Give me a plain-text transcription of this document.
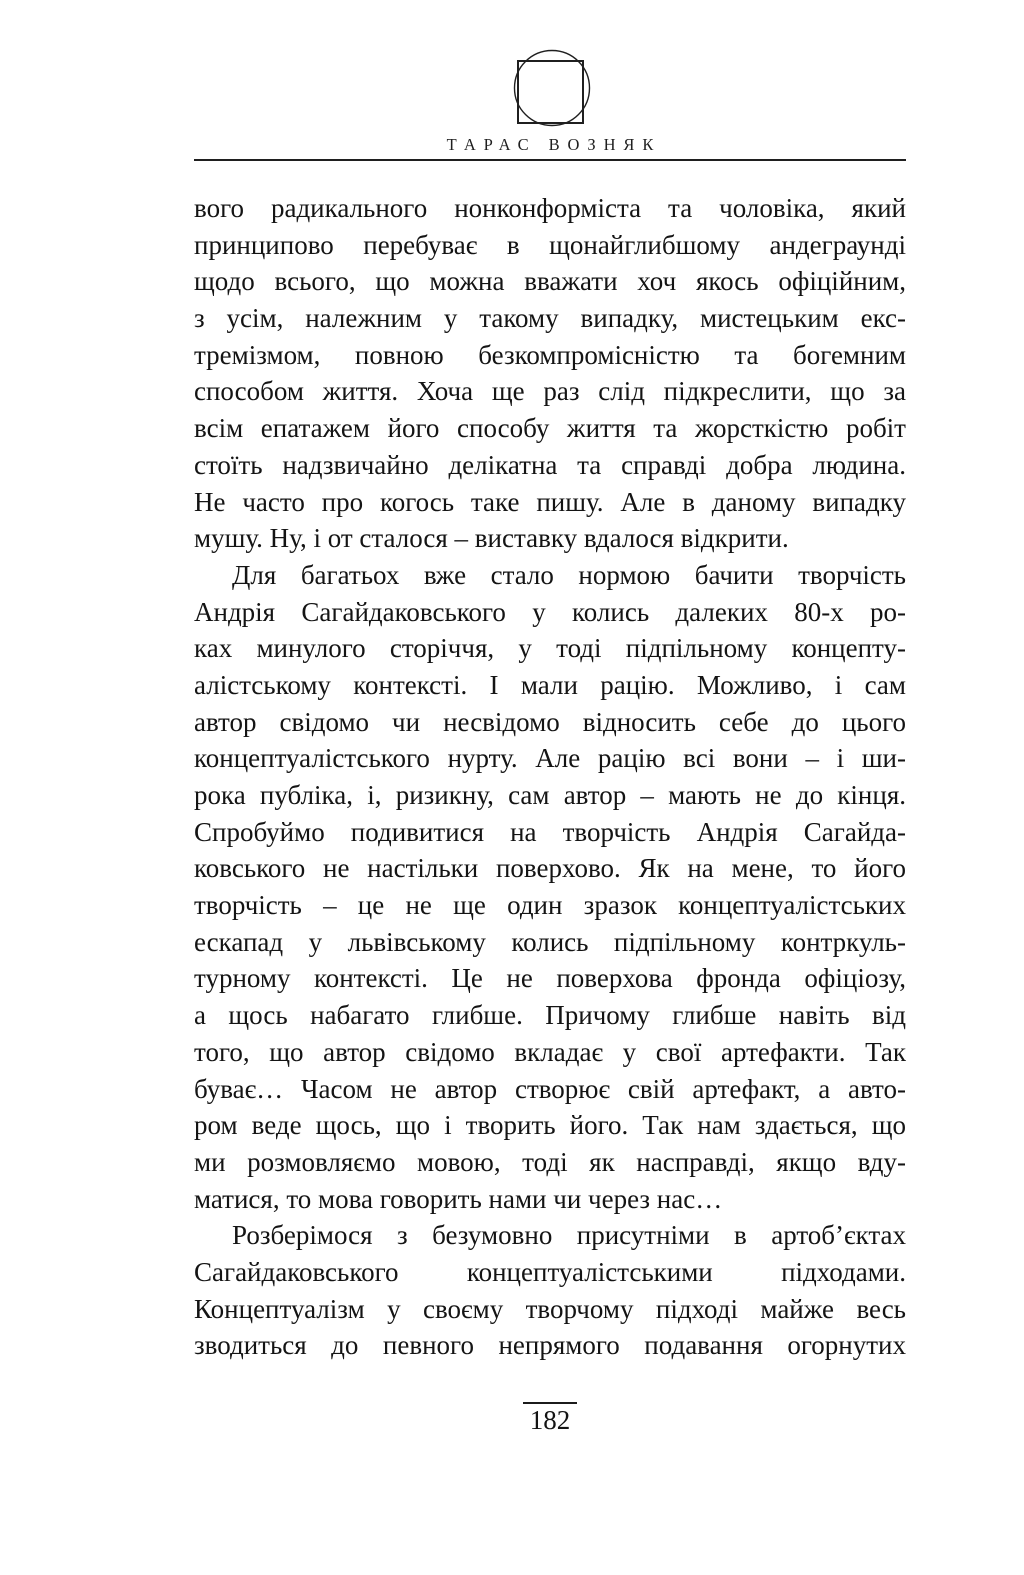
ТАРАС ВОЗНЯК
вого радикального нонконформіста та чоловіка, який
принципово перебуває в щонайглибшому андеграунді
щодо всього, що можна вважати хоч якось офіційним,
з усім, належним у такому випадку, мистецьким екс-
тремізмом, повною безкомпромісністю та богемним
способом життя. Хоча ще раз слід підкреслити, що за
всім епатажем його способу життя та жорсткістю робіт
стоїть надзвичайно делікатна та справді добра людина.
Не часто про когось таке пишу. Але в даному випадку
мушу. Ну, і от сталося – виставку вдалося відкрити.
Для багатьох вже стало нормою бачити творчість
Андрія Сагайдаковського у колись далеких 80-х ро-
ках минулого сторіччя, у тоді підпільному концепту-
алістському контексті. І мали рацію. Можливо, і сам
автор свідомо чи несвідомо відносить себе до цього
концептуалістського нурту. Але рацію всі вони – і ши-
рока публіка, і, ризикну, сам автор – мають не до кінця.
Спробуймо подивитися на творчість Андрія Сагайда-
ковського не настільки поверхово. Як на мене, то його
творчість – це не ще один зразок концептуалістських
ескапад у львівському колись підпільному контркуль-
турному контексті. Це не поверхова фронда офіціозу,
а щось набагато глибше. Причому глибше навіть від
того, що автор свідомо вкладає у свої артефакти. Так
буває… Часом не автор створює свій артефакт, а авто-
ром веде щось, що і творить його. Так нам здається, що
ми розмовляємо мовою, тоді як насправді, якщо вду-
матися, то мова говорить нами чи через нас…
Розберімося з безумовно присутніми в артоб’єктах
Сагайдаковського концептуалістськими підходами.
Концептуалізм у своєму творчому підході майже весь
зводиться до певного непрямого подавання огорнутих
182
